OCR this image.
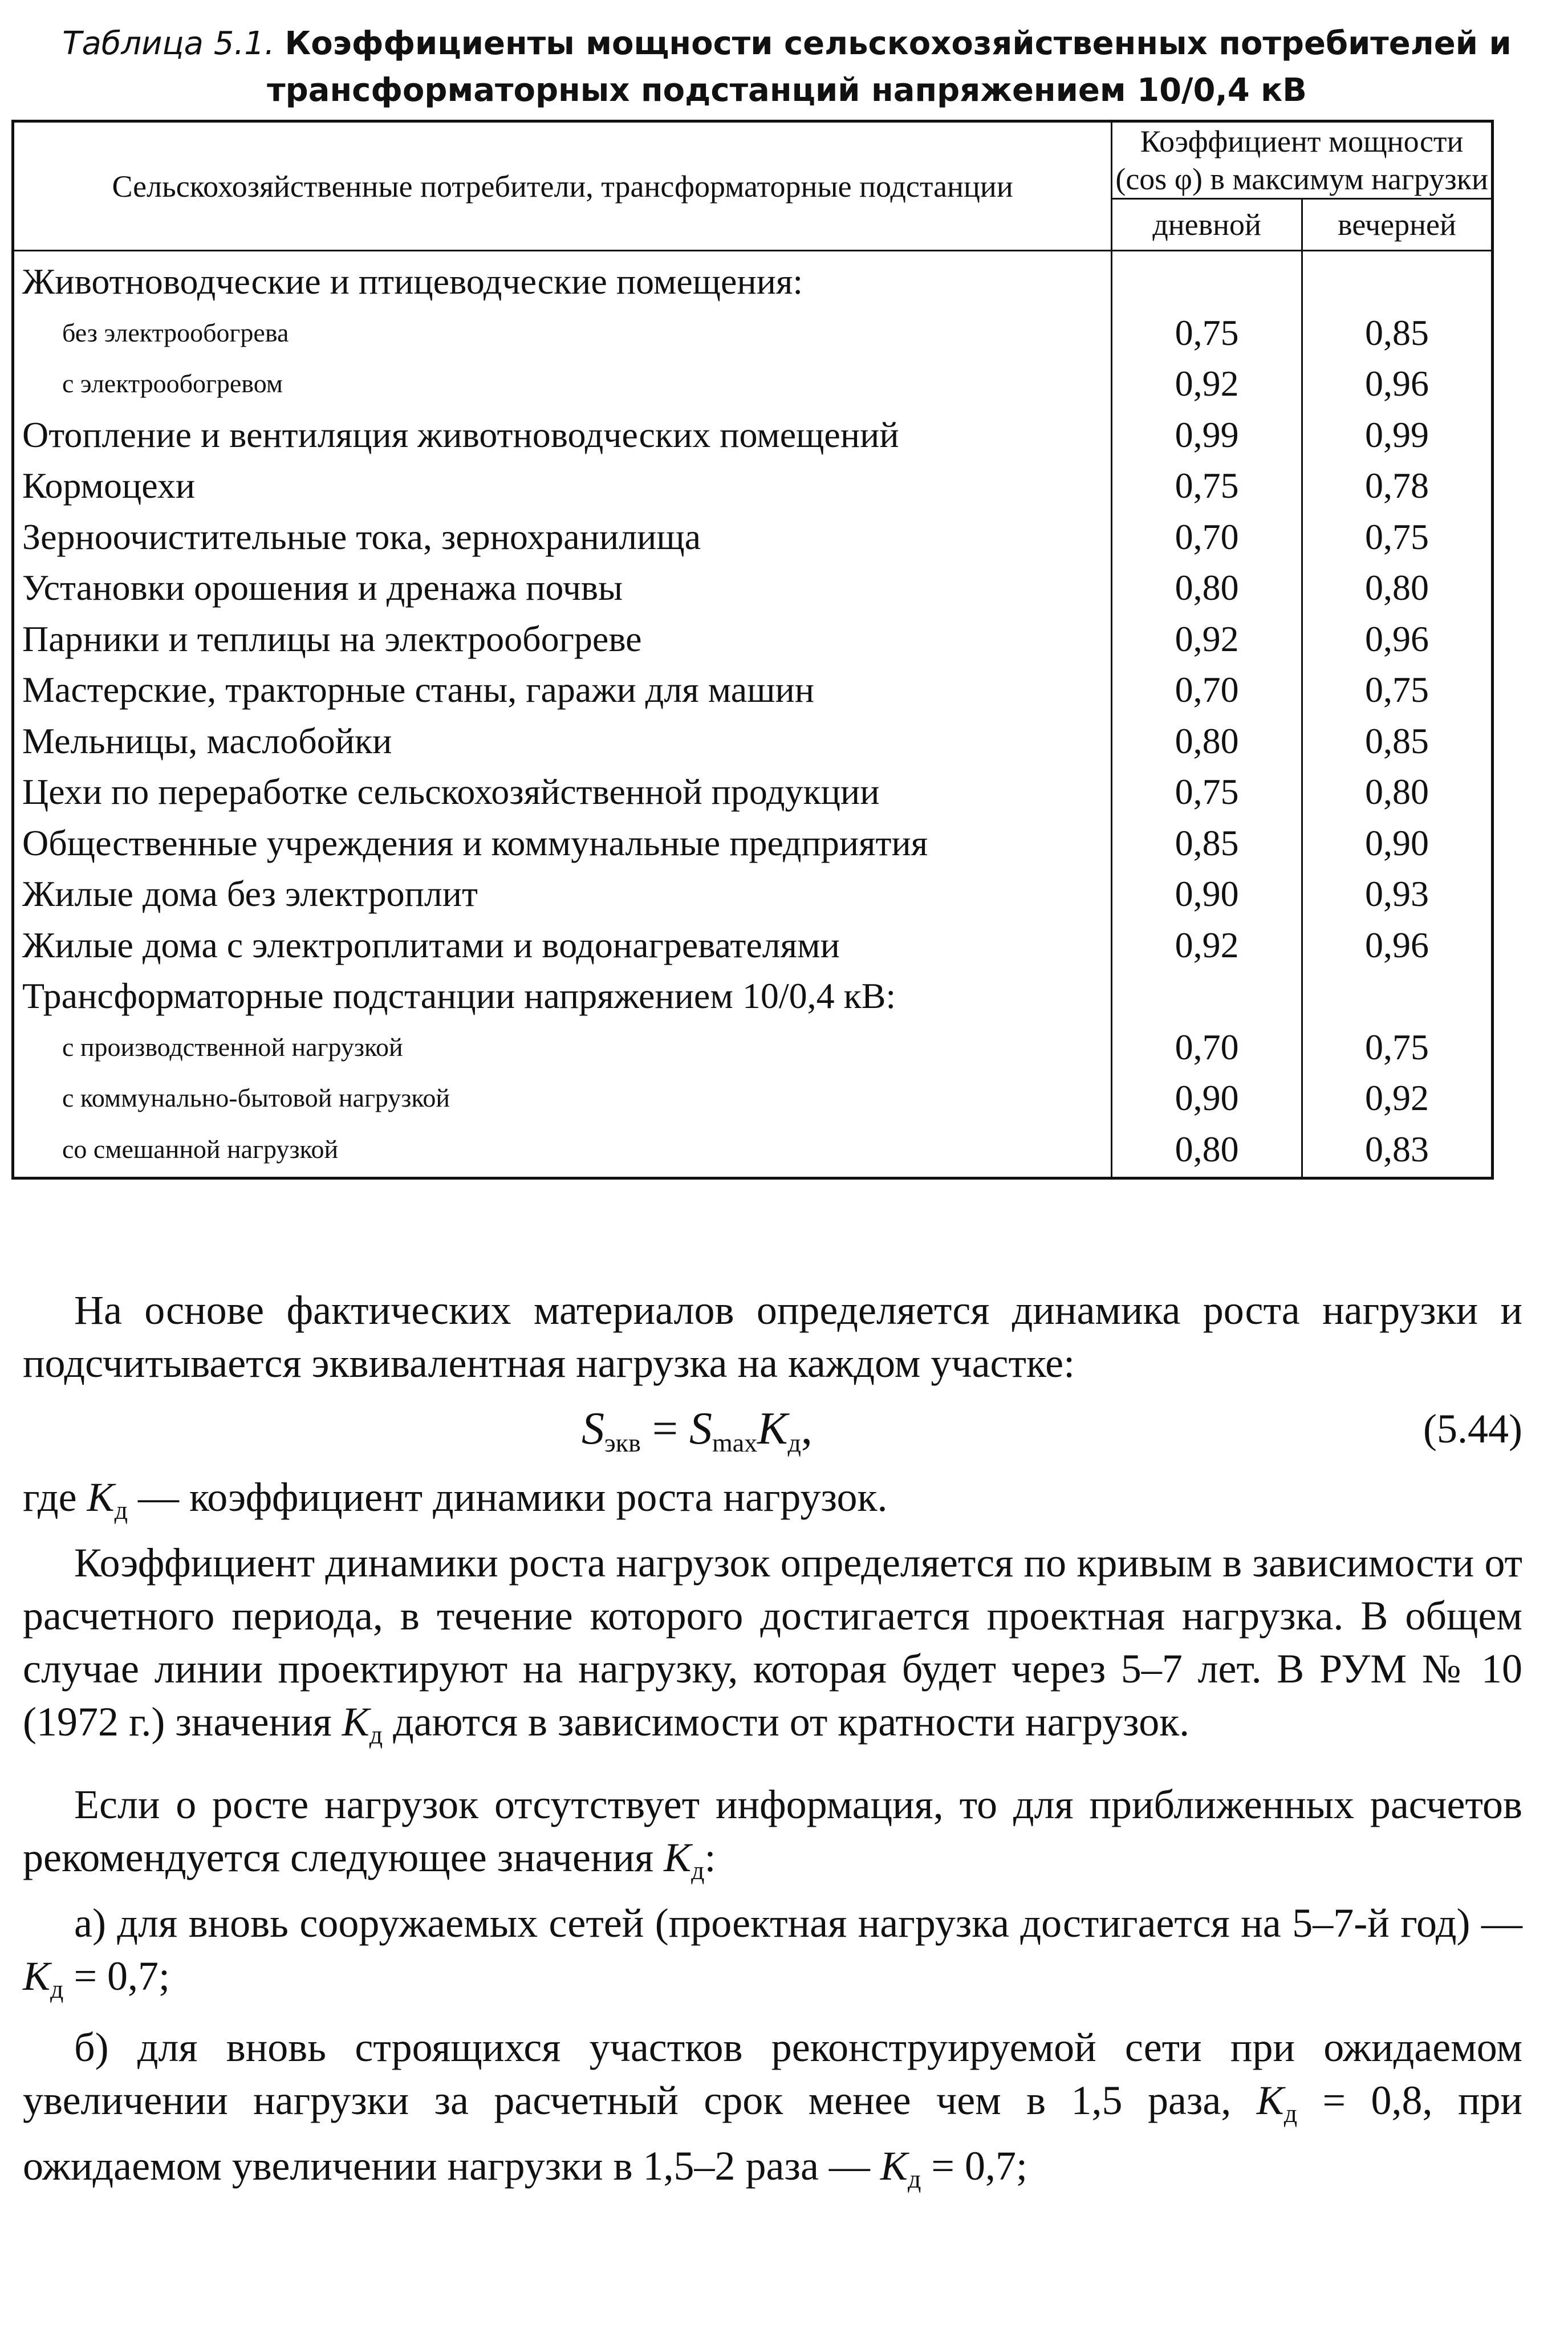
Таблица 5.1. Коэффициенты мощности сельскохозяйственных потребителей и трансформаторных подстанций напряжением 10/0,4 кВ
Сельскохозяйственные потребители, трансформаторные подстанции	Коэффициент мощности (cos φ) в максимум нагрузки	
	дневной	вечерней
Животноводческие и птицеводческие помещения:		
без электрообогрева	0,75	0,85
с электрообогревом	0,92	0,96
Отопление и вентиляция животноводческих помещений	0,99	0,99
Кормоцехи	0,75	0,78
Зерноочистительные тока, зернохранилища	0,70	0,75
Установки орошения и дренажа почвы	0,80	0,80
Парники и теплицы на электрообогреве	0,92	0,96
Мастерские, тракторные станы, гаражи для машин	0,70	0,75
Мельницы, маслобойки	0,80	0,85
Цехи по переработке сельскохозяйственной продукции	0,75	0,80
Общественные учреждения и коммунальные предприятия	0,85	0,90
Жилые дома без электроплит	0,90	0,93
Жилые дома с электроплитами и водонагревателями	0,92	0,96
Трансформаторные подстанции напряжением 10/0,4 кВ:		
с производственной нагрузкой	0,70	0,75
с коммунально-бытовой нагрузкой	0,90	0,92
со смешанной нагрузкой	0,80	0,83

На основе фактических материалов определяется динамика роста нагрузки и подсчитывается эквивалентная нагрузка на каждом участке:

$S_{экв} = S_{max}K_д$,	(5.44)

где $K_д$ — коэффициент динамики роста нагрузок.

Коэффициент динамики роста нагрузок определяется по кривым в зависимости от расчетного периода, в течение которого достигается проектная нагрузка. В общем случае линии проектируют на нагрузку, которая будет через 5–7 лет. В РУМ № 10 (1972 г.) значения $K_д$ даются в зависимости от кратности нагрузок.

Если о росте нагрузок отсутствует информация, то для приближенных расчетов рекомендуется следующее значения $K_д$:

а) для вновь сооружаемых сетей (проектная нагрузка достигается на 5–7-й год) — $K_д = 0,7$;

б) для вновь строящихся участков реконструируемой сети при ожидаемом увеличении нагрузки за расчетный срок менее чем в 1,5 раза, $K_д = 0,8$, при ожидаемом увеличении нагрузки в 1,5–2 раза — $K_д = 0,7$;
